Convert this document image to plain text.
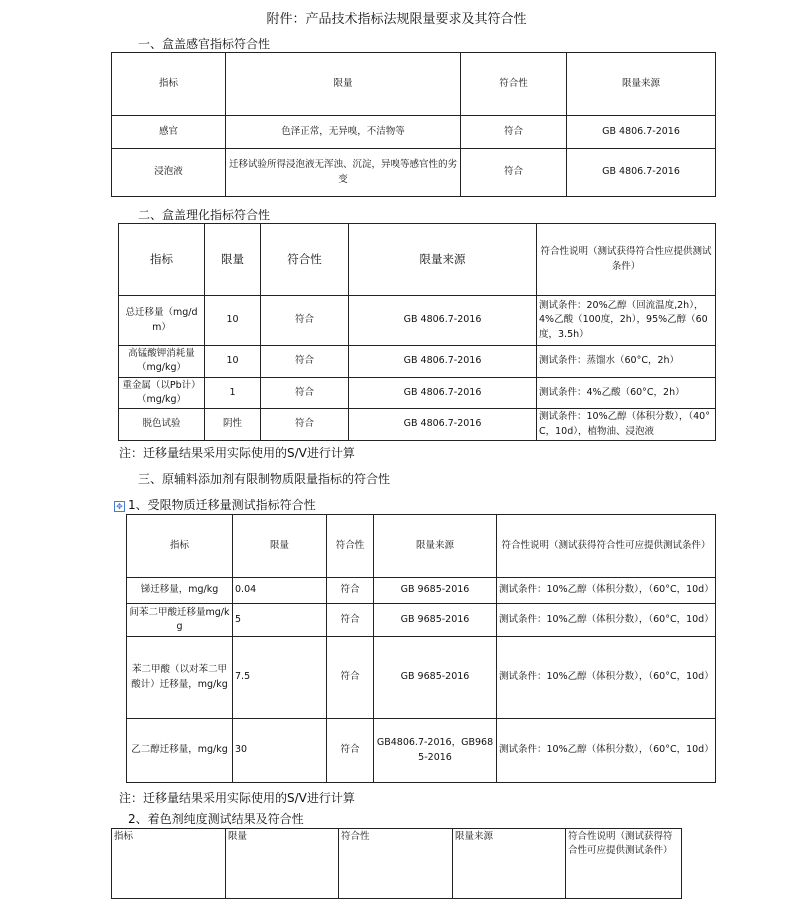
附件：产品技术指标法规限量要求及其符合性
一、盒盖感官指标符合性
指标	限量	符合性	限量来源
感官	色泽正常，无异嗅，不洁物等	符合	GB 4806.7-2016
浸泡液	迁移试验所得浸泡液无浑浊、沉淀，异嗅等感官性的劣变	符合	GB 4806.7-2016
二、盒盖理化指标符合性
指标	限量	符合性	限量来源	符合性说明（测试获得符合性应提供测试条件）
总迁移量（mg/dm）	10	符合	GB 4806.7-2016	测试条件：20%乙醇（回流温度,2h），4%乙酸（100度，2h），95%乙醇（60度，3.5h）
高锰酸钾消耗量（mg/kg）	10	符合	GB 4806.7-2016	测试条件：蒸馏水（60°C，2h）
重金属（以Pb计）（mg/kg）	1	符合	GB 4806.7-2016	测试条件：4%乙酸（60°C，2h）
脱色试验	阴性	符合	GB 4806.7-2016	测试条件：10%乙醇（体积分数），（40°C，10d），植物油、浸泡液
注：迁移量结果采用实际使用的S/V进行计算
三、原辅料添加剂有限制物质限量指标的符合性
✥ 1、受限物质迁移量测试指标符合性
指标	限量	符合性	限量来源	符合性说明（测试获得符合性可应提供测试条件）
锑迁移量，mg/kg	0.04	符合	GB 9685-2016	测试条件：10%乙醇（体积分数），（60°C，10d）
间苯二甲酸迁移量mg/kg	5	符合	GB 9685-2016	测试条件：10%乙醇（体积分数），（60°C，10d）
苯二甲酸（以对苯二甲酸计）迁移量，mg/kg	7.5	符合	GB 9685-2016	测试条件：10%乙醇（体积分数），（60°C，10d）
乙二醇迁移量，mg/kg	30	符合	GB4806.7-2016，GB9685-2016	测试条件：10%乙醇（体积分数），（60°C，10d）
注：迁移量结果采用实际使用的S/V进行计算
2、着色剂纯度测试结果及符合性
指标	限量	符合性	限量来源	符合性说明（测试获得符合性可应提供测试条件）
